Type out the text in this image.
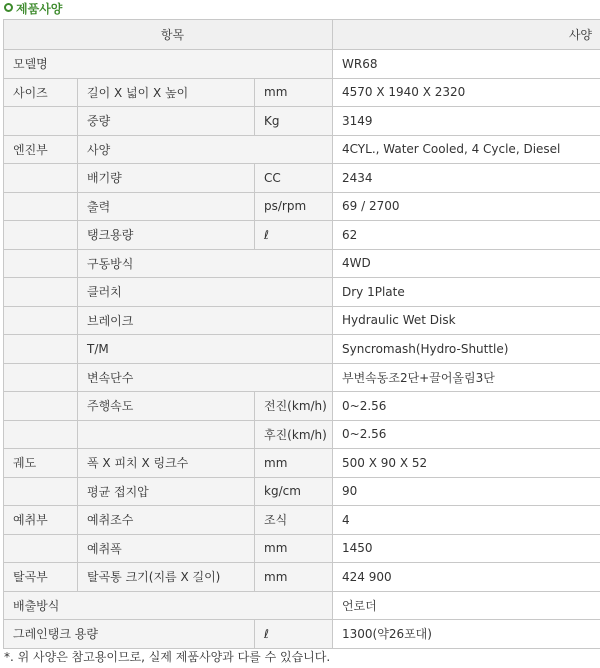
제품사양
항목			사양
모델명			WR68
사이즈	길이 X 넓이 X 높이	mm	4570 X 1940 X 2320
	중량	Kg	3149
엔진부	사양		4CYL., Water Cooled, 4 Cycle, Diesel
	배기량	CC	2434
	출력	ps/rpm	69 / 2700
	탱크용량	ℓ	62
	구동방식		4WD
	클러치		Dry 1Plate
	브레이크		Hydraulic Wet Disk
	T/M		Syncromash(Hydro-Shuttle)
	변속단수		부변속동조2단+끌어올림3단
	주행속도	전진(km/h)	0~2.56
		후진(km/h)	0~2.56
궤도	폭 X 피치 X 링크수	mm	500 X 90 X 52
	평균 접지압	kg/cm	90
예취부	예취조수	조식	4
	예취폭	mm	1450
탈곡부	탈곡통 크기(지름 X 길이)	mm	424 900
배출방식			언로더
그레인탱크 용량		ℓ	1300(약26포대)
*. 위 사양은 참고용이므로, 실제 제품사양과 다를 수 있습니다.
